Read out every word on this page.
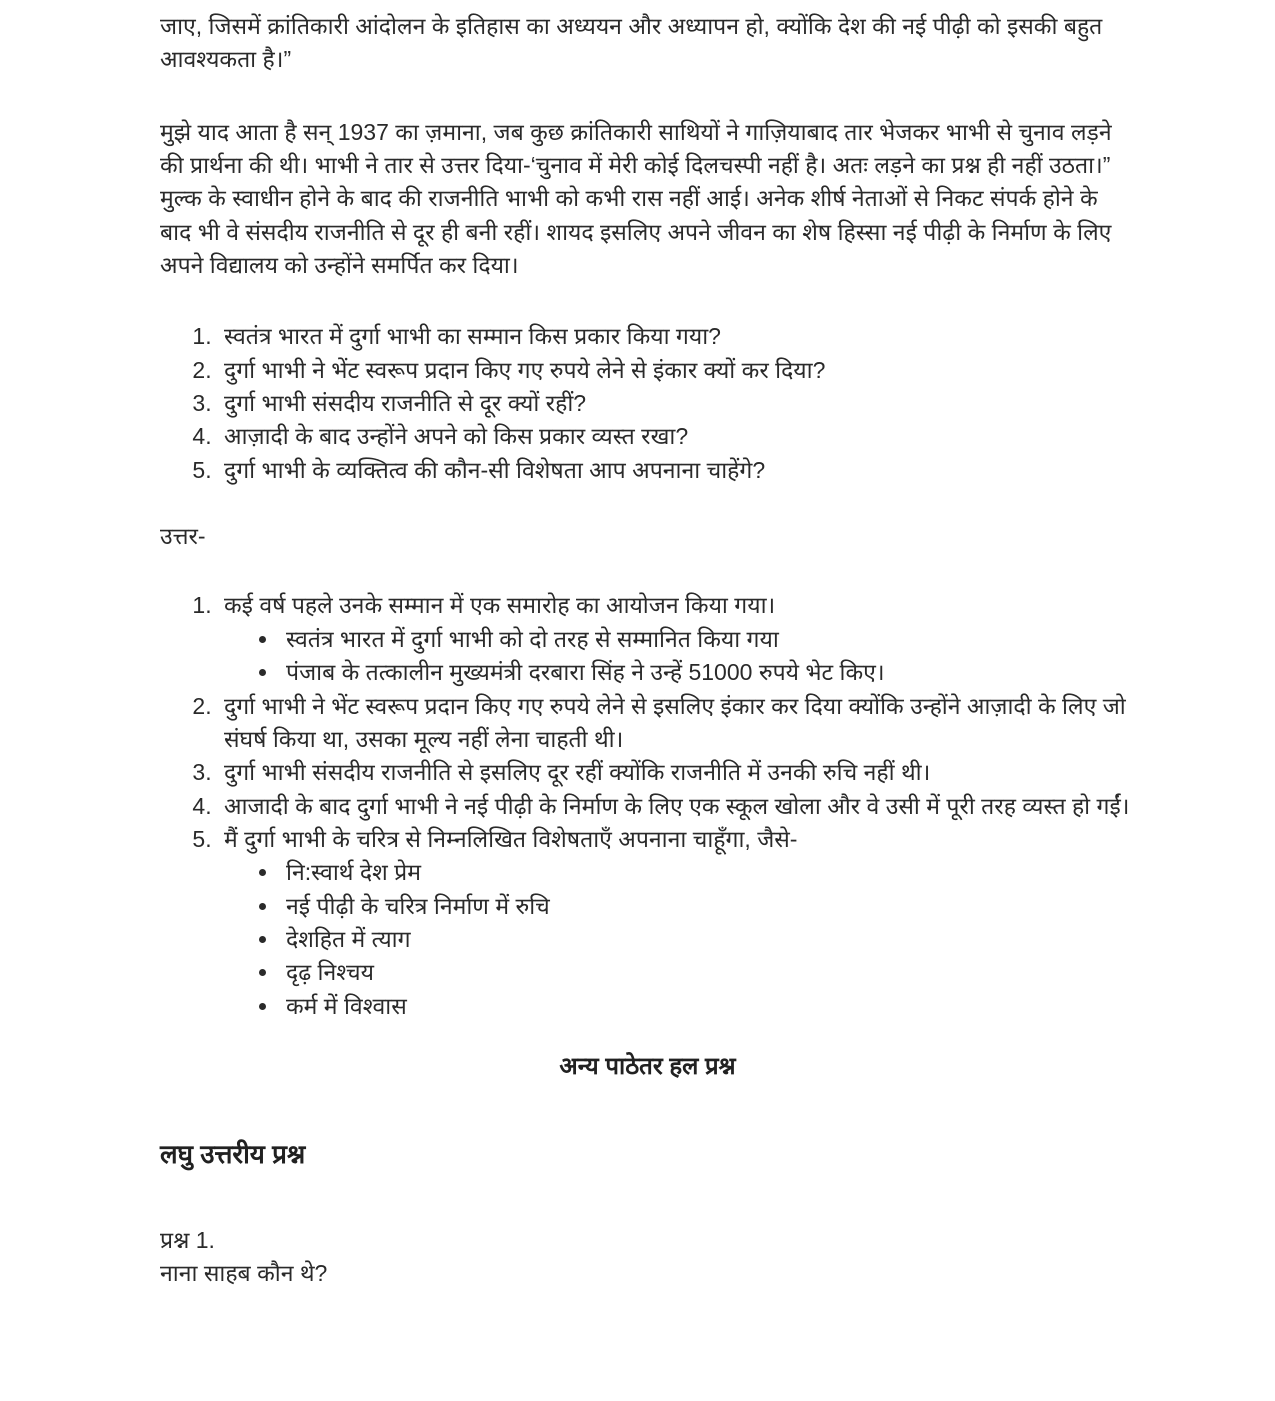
जाए, जिसमें क्रांतिकारी आंदोलन के इतिहास का अध्ययन और अध्यापन हो, क्योंकि देश की नई पीढ़ी को इसकी बहुत आवश्यकता है।”

मुझे याद आता है सन् 1937 का ज़माना, जब कुछ क्रांतिकारी साथियों ने गाज़ियाबाद तार भेजकर भाभी से चुनाव लड़ने की प्रार्थना की थी। भाभी ने तार से उत्तर दिया-‘चुनाव में मेरी कोई दिलचस्पी नहीं है। अतः लड़ने का प्रश्न ही नहीं उठता।” मुल्क के स्वाधीन होने के बाद की राजनीति भाभी को कभी रास नहीं आई। अनेक शीर्ष नेताओं से निकट संपर्क होने के बाद भी वे संसदीय राजनीति से दूर ही बनी रहीं। शायद इसलिए अपने जीवन का शेष हिस्सा नई पीढ़ी के निर्माण के लिए अपने विद्यालय को उन्होंने समर्पित कर दिया।

1. स्वतंत्र भारत में दुर्गा भाभी का सम्मान किस प्रकार किया गया?
2. दुर्गा भाभी ने भेंट स्वरूप प्रदान किए गए रुपये लेने से इंकार क्यों कर दिया?
3. दुर्गा भाभी संसदीय राजनीति से दूर क्यों रहीं?
4. आज़ादी के बाद उन्होंने अपने को किस प्रकार व्यस्त रखा?
5. दुर्गा भाभी के व्यक्तित्व की कौन-सी विशेषता आप अपनाना चाहेंगे?

उत्तर-

1. कई वर्ष पहले उनके सम्मान में एक समारोह का आयोजन किया गया।
• स्वतंत्र भारत में दुर्गा भाभी को दो तरह से सम्मानित किया गया
• पंजाब के तत्कालीन मुख्यमंत्री दरबारा सिंह ने उन्हें 51000 रुपये भेट किए।
2. दुर्गा भाभी ने भेंट स्वरूप प्रदान किए गए रुपये लेने से इसलिए इंकार कर दिया क्योंकि उन्होंने आज़ादी के लिए जो संघर्ष किया था, उसका मूल्य नहीं लेना चाहती थी।
3. दुर्गा भाभी संसदीय राजनीति से इसलिए दूर रहीं क्योंकि राजनीति में उनकी रुचि नहीं थी।
4. आजादी के बाद दुर्गा भाभी ने नई पीढ़ी के निर्माण के लिए एक स्कूल खोला और वे उसी में पूरी तरह व्यस्त हो गईं।
5. मैं दुर्गा भाभी के चरित्र से निम्नलिखित विशेषताएँ अपनाना चाहूँगा, जैसे-
• नि:स्वार्थ देश प्रेम
• नई पीढ़ी के चरित्र निर्माण में रुचि
• देशहित में त्याग
• दृढ़ निश्चय
• कर्म में विश्वास
अन्य पाठेतर हल प्रश्न
लघु उत्तरीय प्रश्न

प्रश्न 1.

नाना साहब कौन थे?
